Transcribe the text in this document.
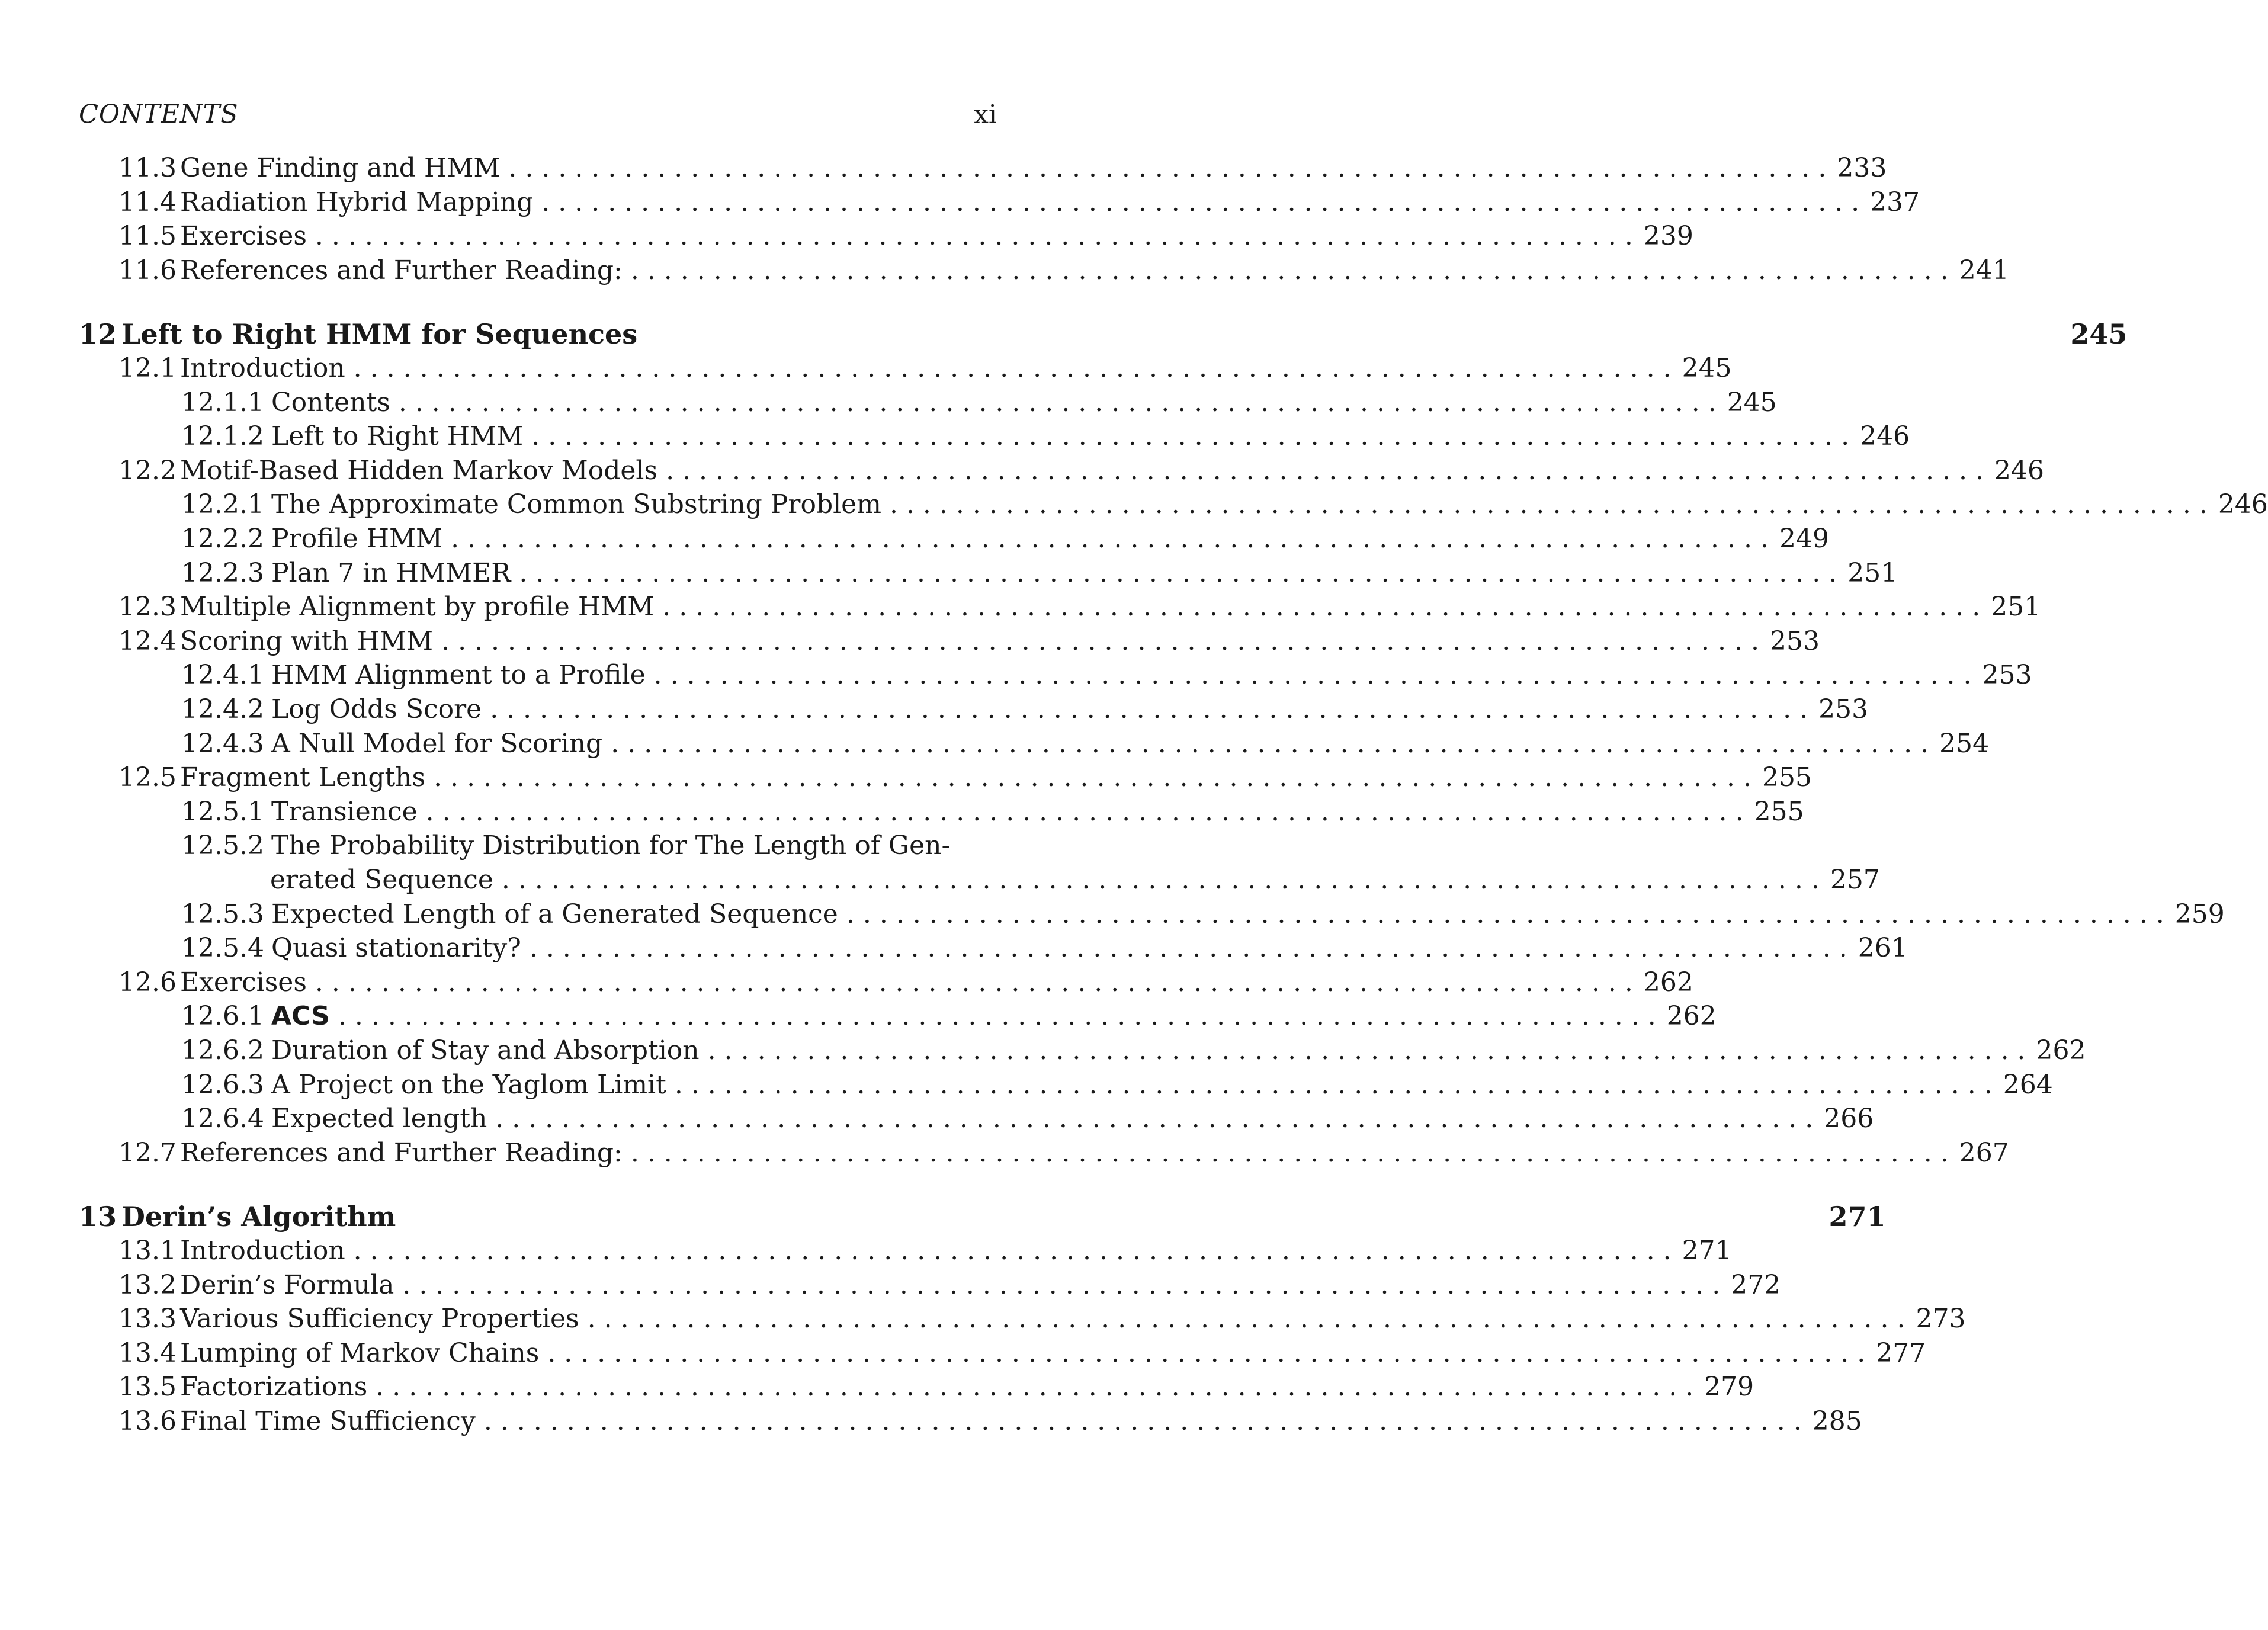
CONTENTS	xi
11.3 Gene Finding and HMM ................................................................................ 233
11.4 Radiation Hybrid Mapping ................................................................................ 237
11.5 Exercises ................................................................................ 239
11.6 References and Further Reading: ................................................................................ 241
12 Left to Right HMM for Sequences	245
12.1 Introduction ................................................................................ 245
12.1.1 Contents ................................................................................ 245
12.1.2 Left to Right HMM ................................................................................ 246
12.2 Motif-Based Hidden Markov Models ................................................................................ 246
12.2.1 The Approximate Common Substring Problem ................................................................................ 246
12.2.2 Profile HMM ................................................................................ 249
12.2.3 Plan 7 in HMMER ................................................................................ 251
12.3 Multiple Alignment by profile HMM ................................................................................ 251
12.4 Scoring with HMM ................................................................................ 253
12.4.1 HMM Alignment to a Profile ................................................................................ 253
12.4.2 Log Odds Score ................................................................................ 253
12.4.3 A Null Model for Scoring ................................................................................ 254
12.5 Fragment Lengths ................................................................................ 255
12.5.1 Transience ................................................................................ 255
12.5.2 The Probability Distribution for The Length of Gen-
erated Sequence ................................................................................ 257
12.5.3 Expected Length of a Generated Sequence ................................................................................ 259
12.5.4 Quasi stationarity? ................................................................................ 261
12.6 Exercises ................................................................................ 262
12.6.1 ACS ................................................................................ 262
12.6.2 Duration of Stay and Absorption ................................................................................ 262
12.6.3 A Project on the Yaglom Limit ................................................................................ 264
12.6.4 Expected length ................................................................................ 266
12.7 References and Further Reading: ................................................................................ 267
13 Derin’s Algorithm	271
13.1 Introduction ................................................................................ 271
13.2 Derin’s Formula ................................................................................ 272
13.3 Various Sufficiency Properties ................................................................................ 273
13.4 Lumping of Markov Chains ................................................................................ 277
13.5 Factorizations ................................................................................ 279
13.6 Final Time Sufficiency ................................................................................ 285
